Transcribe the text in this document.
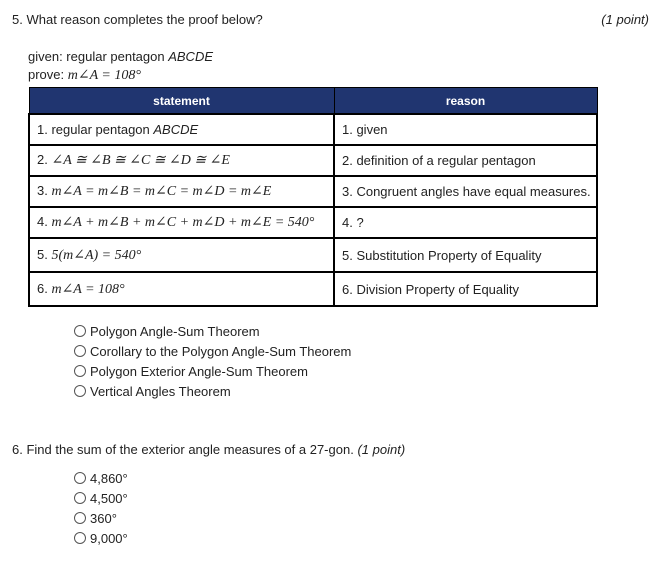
5. What reason completes the proof below?	(1 point)
given: regular pentagon ABCDE
prove: m∠A = 108°
statement	reason
1. regular pentagon ABCDE	1. given
2. ∠A ≅ ∠B ≅ ∠C ≅ ∠D ≅ ∠E	2. definition of a regular pentagon
3. m∠A = m∠B = m∠C = m∠D = m∠E	3. Congruent angles have equal measures.
4. m∠A + m∠B + m∠C + m∠D + m∠E = 540°	4. ?
5. 5(m∠A) = 540°	5. Substitution Property of Equality
6. m∠A = 108°	6. Division Property of Equality
Polygon Angle-Sum Theorem
Corollary to the Polygon Angle-Sum Theorem
Polygon Exterior Angle-Sum Theorem
Vertical Angles Theorem
6. Find the sum of the exterior angle measures of a 27-gon. (1 point)
4,860°
4,500°
360°
9,000°
